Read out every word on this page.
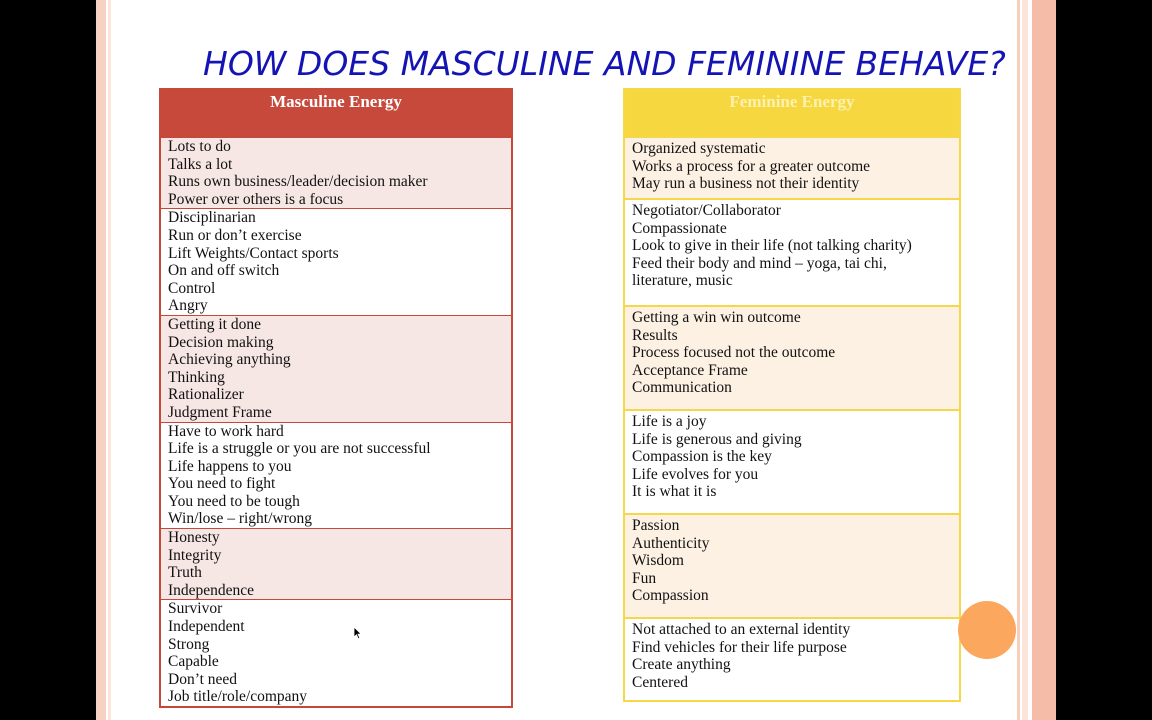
HOW DOES MASCULINE AND FEMININE BEHAVE?
Masculine Energy

Lots to do
Talks a lot
Runs own business/leader/decision maker
Power over others is a focus

Disciplinarian
Run or don’t exercise
Lift Weights/Contact sports
On and off switch
Control
Angry

Getting it done
Decision making
Achieving anything
Thinking
Rationalizer
Judgment Frame

Have to work hard
Life is a struggle or you are not successful
Life happens to you
You need to fight
You need to be tough
Win/lose – right/wrong

Honesty
Integrity
Truth
Independence

Survivor
Independent
Strong
Capable
Don’t need
Job title/role/company
Feminine Energy

Organized systematic
Works a process for a greater outcome
May run a business not their identity

Negotiator/Collaborator
Compassionate
Look to give in their life (not talking charity)
Feed their body and mind – yoga, tai chi,
literature, music

Getting a win win outcome
Results
Process focused not the outcome
Acceptance Frame
Communication

Life is a joy
Life is generous and giving
Compassion is the key
Life evolves for you
It is what it is

Passion
Authenticity
Wisdom
Fun
Compassion

Not attached to an external identity
Find vehicles for their life purpose
Create anything
Centered
